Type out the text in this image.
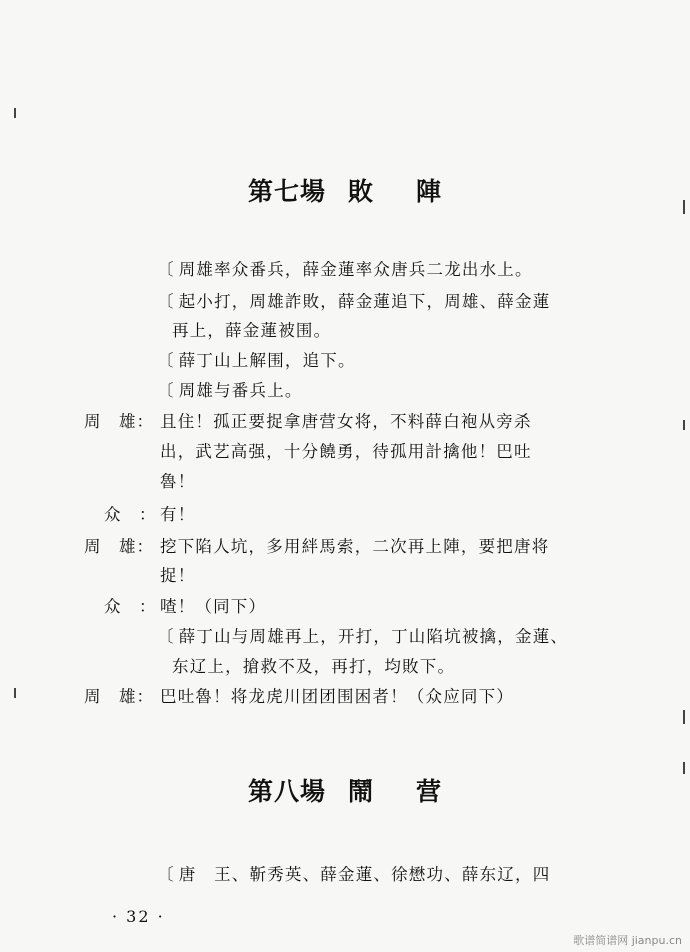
第七場 敗 陣
〔 周雄率众番兵，薛金蓮率众唐兵二龙出水上。
〔 起小打，周雄詐敗，薛金蓮追下，周雄、薛金蓮
再上，薛金蓮被围。
〔 薛丁山上解围，追下。
〔 周雄与番兵上。
周　雄： 且住！孤正要捉拿唐营女将，不料薛白袍从旁杀
出，武艺高强，十分饒勇，待孤用計擒他！巴吐
魯！
众　： 有！
周　雄： 挖下陷人坑，多用絆馬索，二次再上陣，要把唐将
捉！
众　： 喳！（同下）
〔 薛丁山与周雄再上，开打，丁山陷坑被擒，金蓮、
东辽上，搶救不及，再打，均敗下。
周　雄： 巴吐魯！将龙虎川团团围困者！（众应同下）
第八場 鬧 营
〔 唐　王、靳秀英、薛金蓮、徐懋功、薛东辽，四
· 32 ·
歌谱简谱网 jianpu.cn
